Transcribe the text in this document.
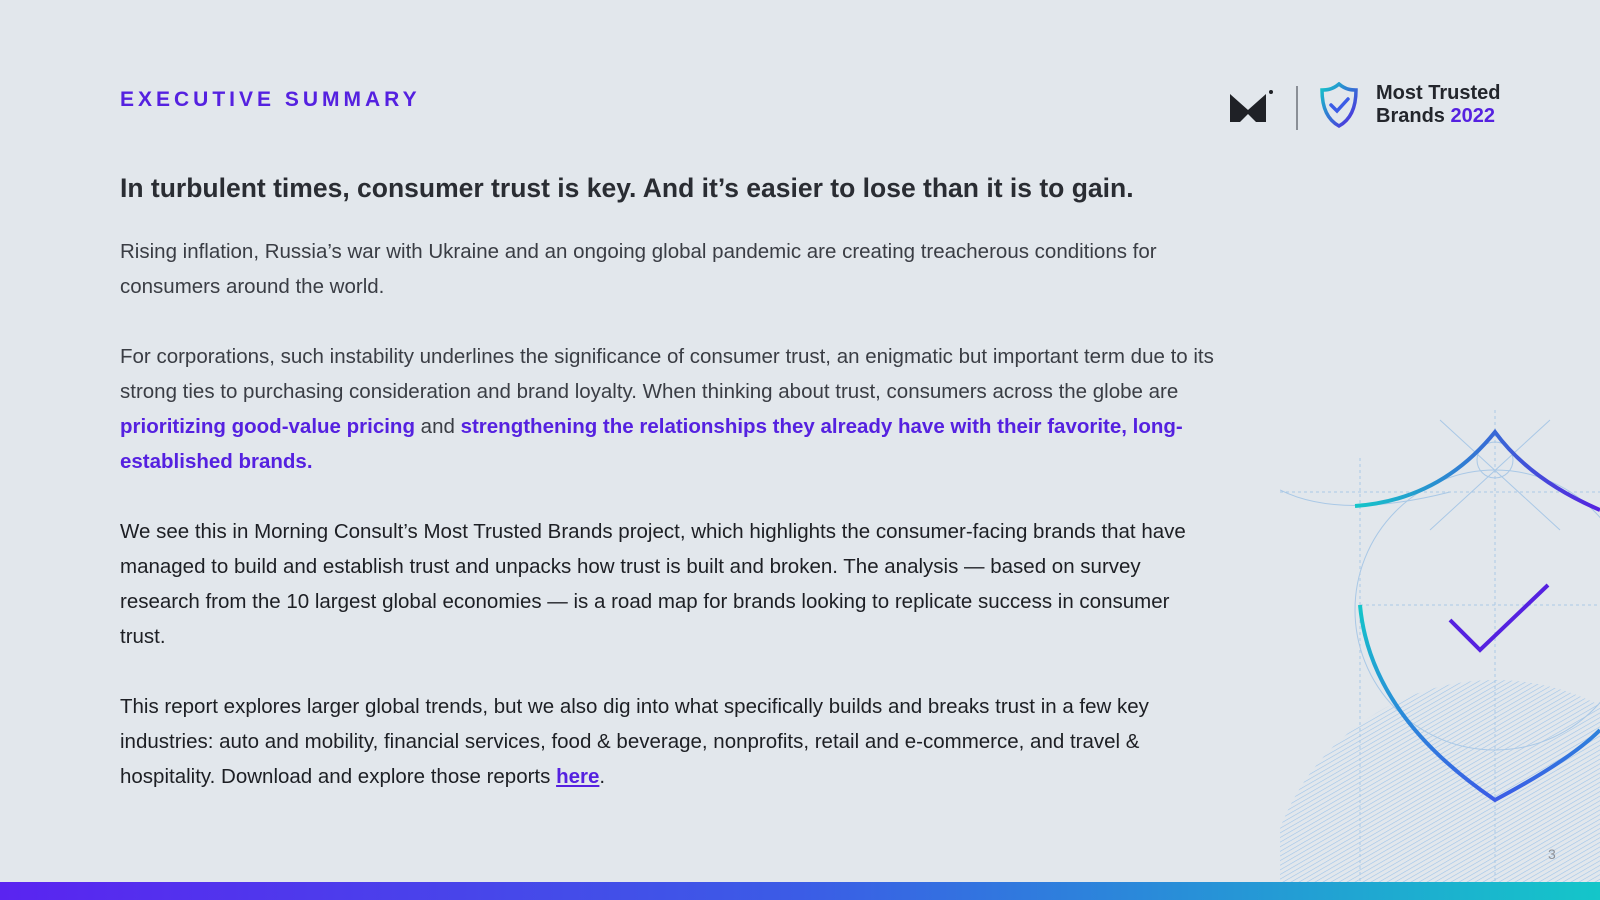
EXECUTIVE SUMMARY	Most Trusted
Brands 2022
In turbulent times, consumer trust is key. And it’s easier to lose than it is to gain.

Rising inflation, Russia’s war with Ukraine and an ongoing global pandemic are creating treacherous conditions for consumers around the world.

For corporations, such instability underlines the significance of consumer trust, an enigmatic but important term due to its strong ties to purchasing consideration and brand loyalty. When thinking about trust, consumers across the globe are prioritizing good-value pricing and strengthening the relationships they already have with their favorite, long-established brands.

We see this in Morning Consult’s Most Trusted Brands project, which highlights the consumer-facing brands that have managed to build and establish trust and unpacks how trust is built and broken. The analysis — based on survey research from the 10 largest global economies — is a road map for brands looking to replicate success in consumer trust.

This report explores larger global trends, but we also dig into what specifically builds and breaks trust in a few key industries: auto and mobility, financial services, food & beverage, nonprofits, retail and e-commerce, and travel & hospitality. Download and explore those reports here.

3
